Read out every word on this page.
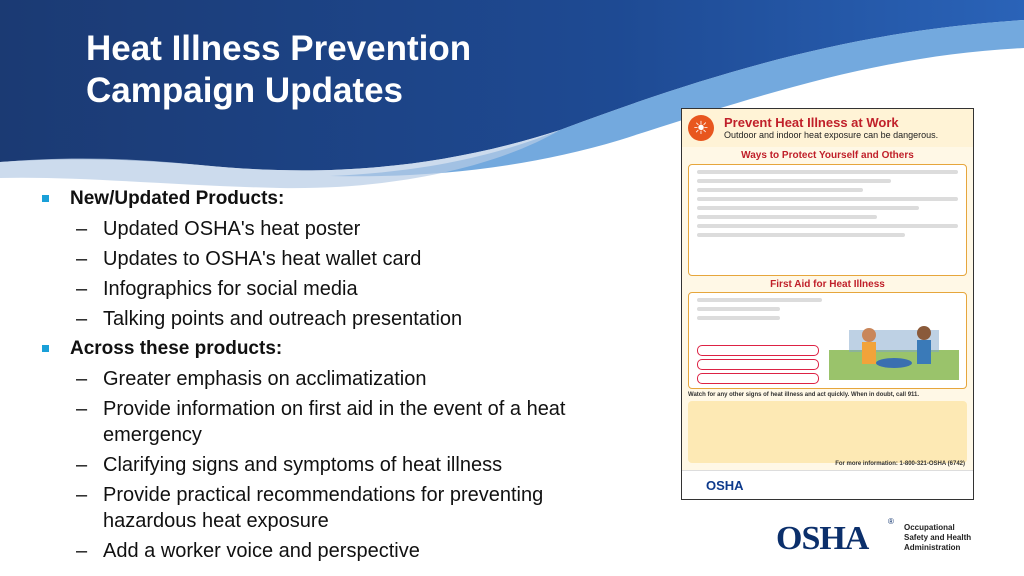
Heat Illness Prevention
Campaign Updates
New/Updated Products:
– Updated OSHA's heat poster
– Updates to OSHA's heat wallet card
– Infographics for social media
– Talking points and outreach presentation
Across these products:
– Greater emphasis on acclimatization
– Provide information on first aid in the event of a heat emergency
– Clarifying signs and symptoms of heat illness
– Provide practical recommendations for preventing hazardous heat exposure
– Add a worker voice and perspective
☀	Prevent Heat Illness at Work
Outdoor and indoor heat exposure can be dangerous.
Ways to Protect Yourself and Others
First Aid for Heat Illness
Watch for any other signs of heat illness and act quickly. When in doubt, call 911.
For more information: 1-800-321-OSHA (6742)
OSHA
OSHA ®
Occupational
Safety and Health
Administration
